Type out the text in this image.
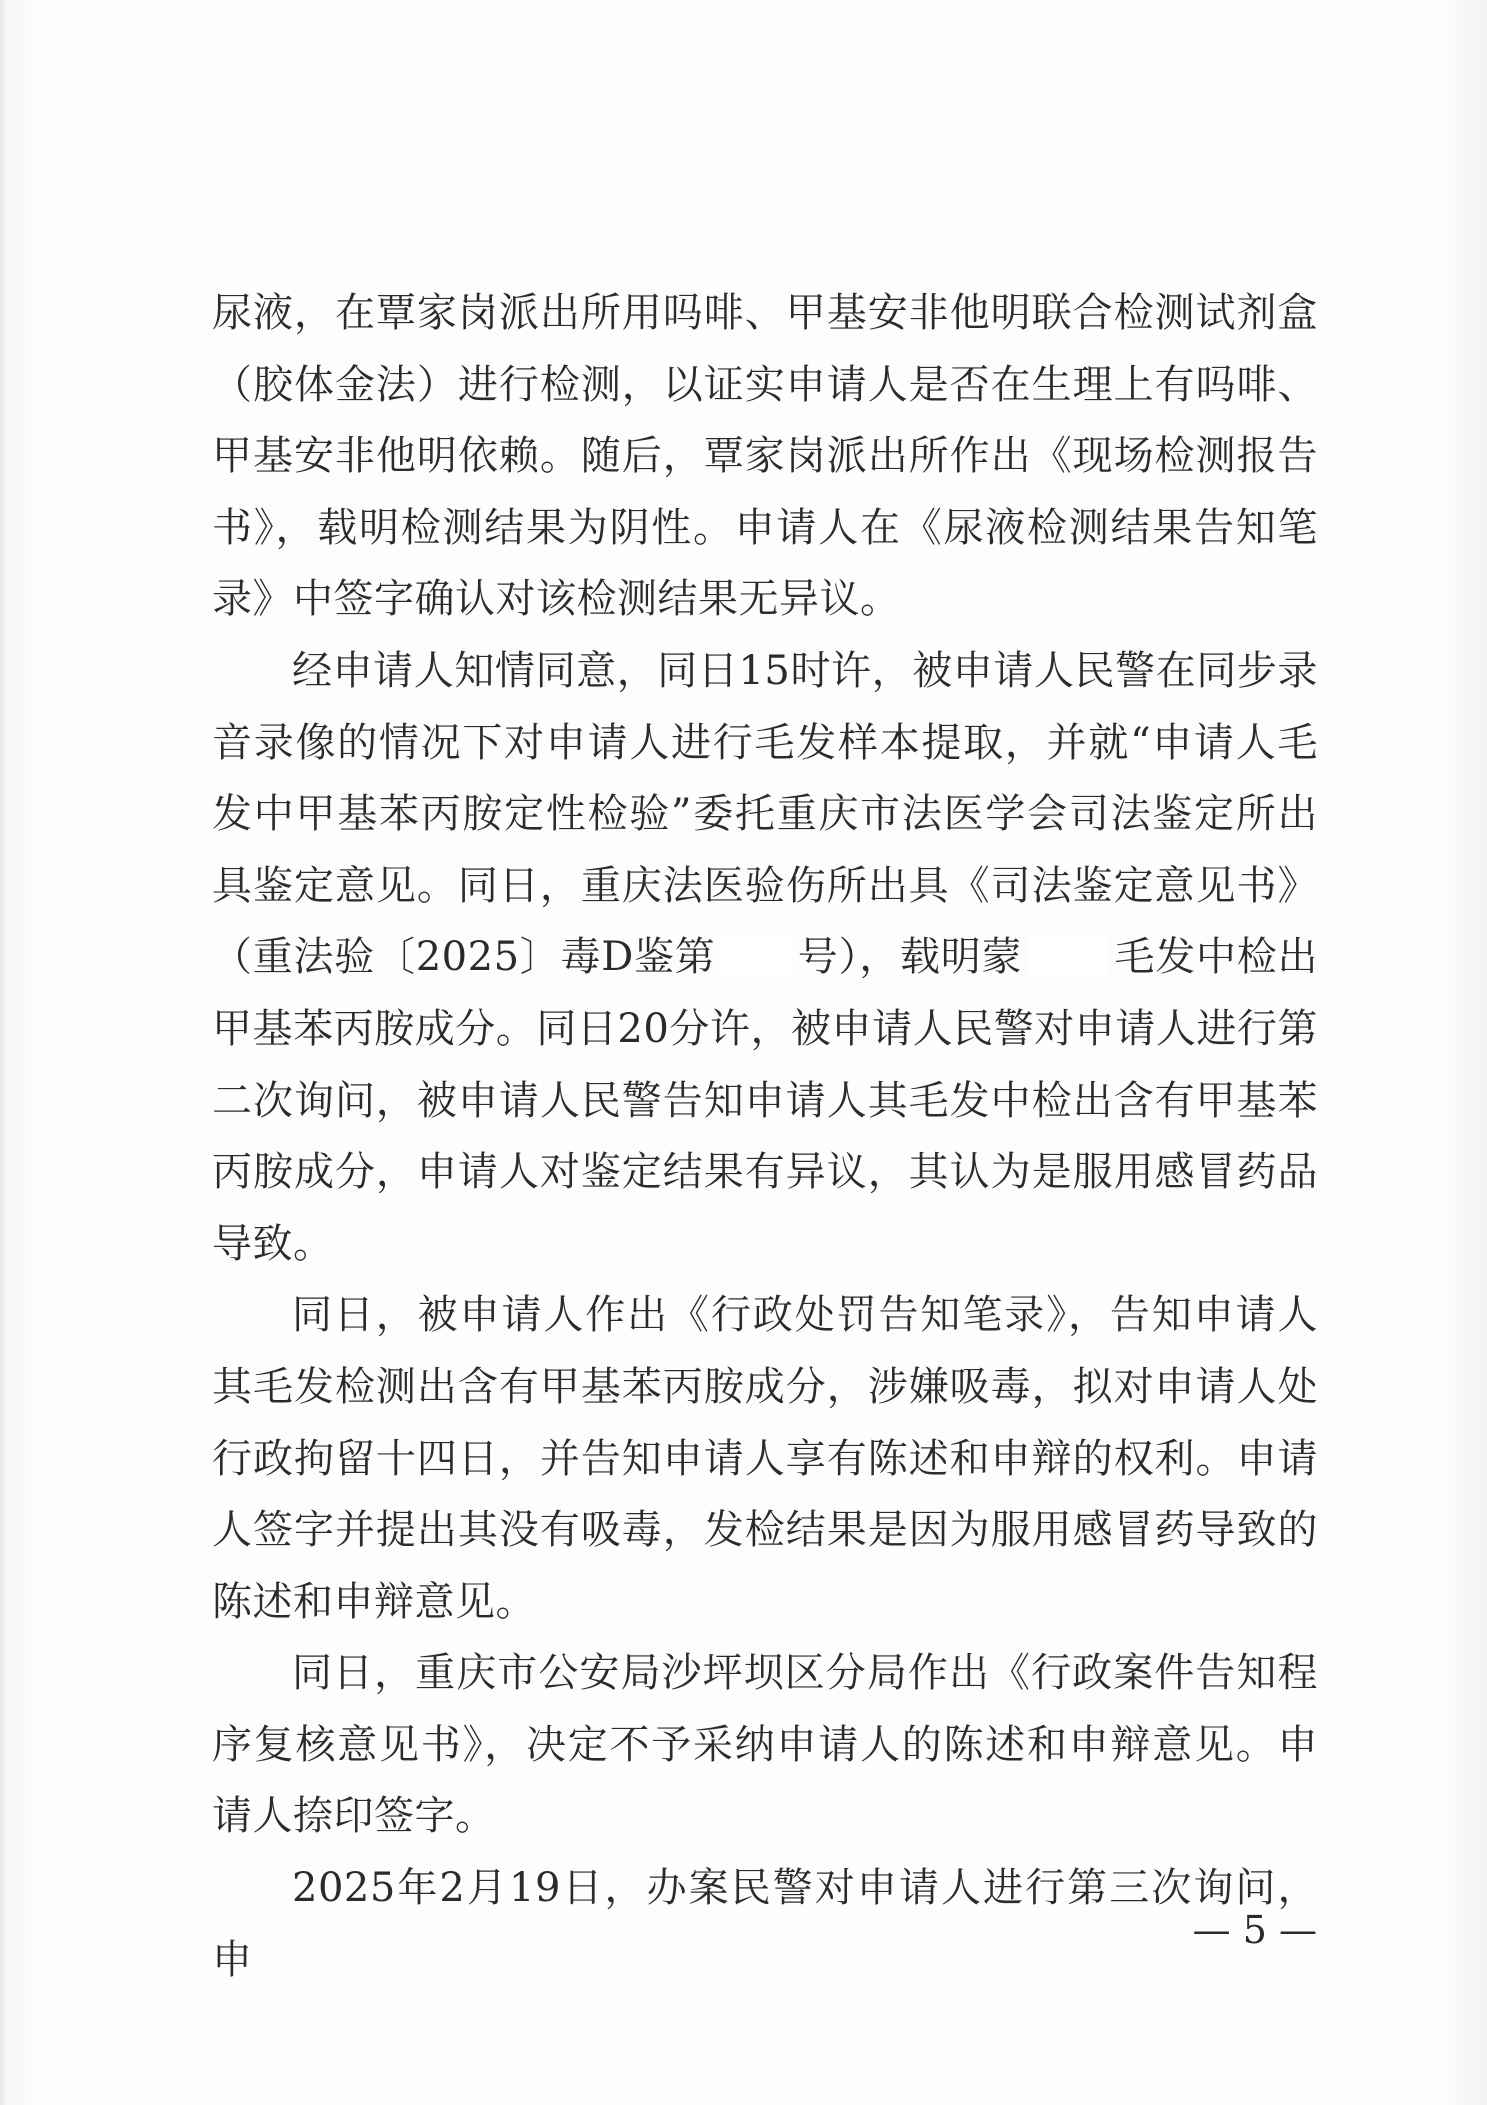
尿液，在覃家岗派出所用吗啡、甲基安非他明联合检测试剂盒（胶体金法）进行检测，以证实申请人是否在生理上有吗啡、甲基安非他明依赖。随后，覃家岗派出所作出《现场检测报告书》，载明检测结果为阴性。申请人在《尿液检测结果告知笔录》中签字确认对该检测结果无异议。

经申请人知情同意，同日15时许，被申请人民警在同步录音录像的情况下对申请人进行毛发样本提取，并就“申请人毛发中甲基苯丙胺定性检验”委托重庆市法医学会司法鉴定所出具鉴定意见。同日，重庆法医验伤所出具《司法鉴定意见书》（重法验〔2025〕毒D鉴第 号），载明蒙 毛发中检出甲基苯丙胺成分。同日20分许，被申请人民警对申请人进行第二次询问，被申请人民警告知申请人其毛发中检出含有甲基苯丙胺成分，申请人对鉴定结果有异议，其认为是服用感冒药品导致。

同日，被申请人作出《行政处罚告知笔录》，告知申请人其毛发检测出含有甲基苯丙胺成分，涉嫌吸毒，拟对申请人处行政拘留十四日，并告知申请人享有陈述和申辩的权利。申请人签字并提出其没有吸毒，发检结果是因为服用感冒药导致的陈述和申辩意见。

同日，重庆市公安局沙坪坝区分局作出《行政案件告知程序复核意见书》，决定不予采纳申请人的陈述和申辩意见。申请人捺印签字。

2025年2月19日，办案民警对申请人进行第三次询问，申

— 5 —
